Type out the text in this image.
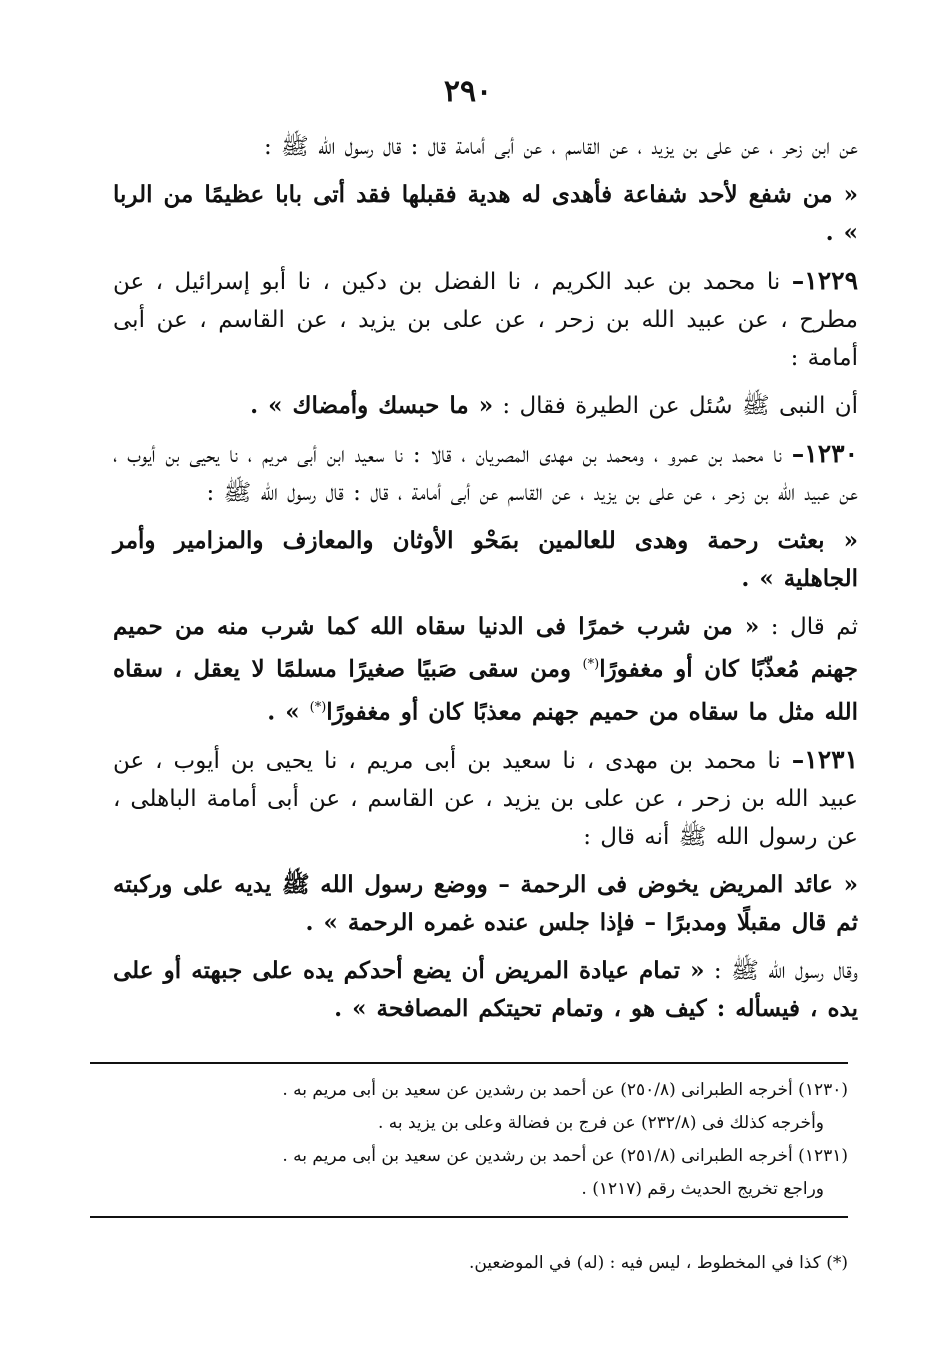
٢٩٠

عن ابن زحر ، عن على بن يزيد ، عن القاسم ، عن أبى أمامة قال : قال رسول الله ﷺ :

« من شفع لأحد شفاعة فأهدى له هدية فقبلها فقد أتى بابا عظيمًا من الربا » .

١٢٢٩– نا محمد بن عبد الكريم ، نا الفضل بن دكين ، نا أبو إسرائيل ، عن مطرح ، عن عبيد الله بن زحر ، عن على بن يزيد ، عن القاسم ، عن أبى أمامة :

أن النبى ﷺ سُئل عن الطيرة فقال : « ما حبسك وأمضاك » .

١٢٣٠– نا محمد بن عمرو ، ومحمد بن مهدى المصريان ، قالا : نا سعيد ابن أبى مريم ، نا يحيى بن أيوب ، عن عبيد الله بن زحر ، عن على بن يزيد ، عن القاسم عن أبى أمامة ، قال : قال رسول الله ﷺ :

« بعثت رحمة وهدى للعالمين بمَحْو الأوثان والمعازف والمزامير وأمر الجاهلية » .

ثم قال : « من شرب خمرًا فى الدنيا سقاه الله كما شرب منه من حميم جهنم مُعذّبًا كان أو مغفورًا(*) ومن سقى صَبيًا صغيرًا مسلمًا لا يعقل ، سقاه الله مثل ما سقاه من حميم جهنم معذبًا كان أو مغفورًا(*) » .

١٢٣١– نا محمد بن مهدى ، نا سعيد بن أبى مريم ، نا يحيى بن أيوب ، عن عبيد الله بن زحر ، عن على بن يزيد ، عن القاسم ، عن أبى أمامة الباهلى ، عن رسول الله ﷺ أنه قال :

« عائد المريض يخوض فى الرحمة – ووضع رسول الله ﷺ يديه على وركبته ثم قال مقبلًا ومدبرًا – فإذا جلس عنده غمره الرحمة » .

وقال رسول الله ﷺ : « تمام عيادة المريض أن يضع أحدكم يده على جبهته أو على يده ، فيسأله : كيف هو ، وتمام تحيتكم المصافحة » .

(١٢٣٠) أخرجه الطبرانى (٢٥٠/٨) عن أحمد بن رشدين عن سعيد بن أبى مريم به .

وأخرجه كذلك فى (٢٣٢/٨) عن فرج بن فضالة وعلى بن يزيد به .

(١٢٣١) أخرجه الطبرانى (٢٥١/٨) عن أحمد بن رشدين عن سعيد بن أبى مريم به .

وراجع تخريج الحديث رقم (١٢١٧) .

(*) كذا في المخطوط ، ليس فيه : (له) في الموضعين.
